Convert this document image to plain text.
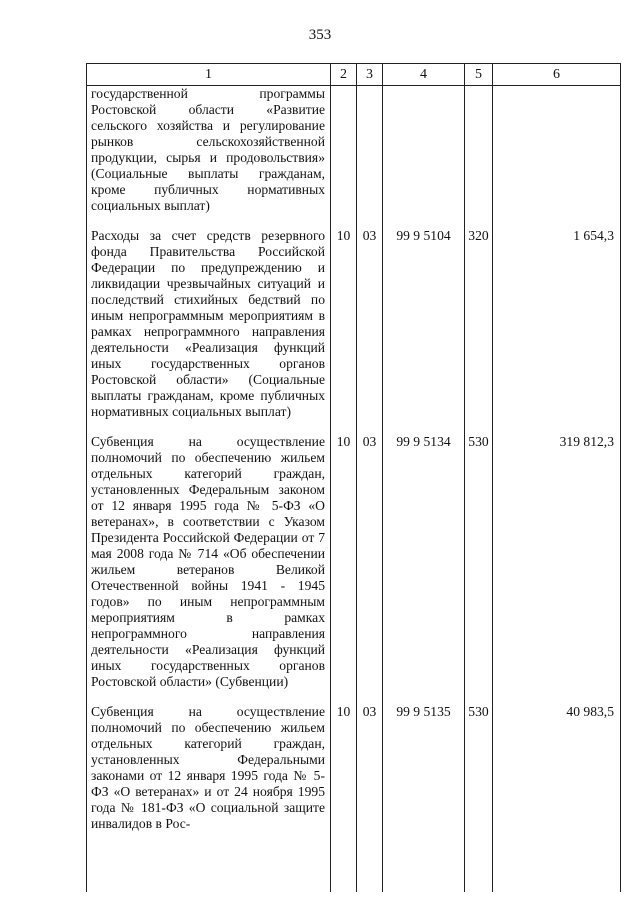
353
1	2	3	4	5	6
государственной программы Ростовской области «Развитие сельского хозяйства и регулирование рынков сельскохозяйственной продукции, сырья и продовольствия» (Социальные выплаты гражданам, кроме публичных нормативных социальных выплат)					
Расходы за счет средств резервного фонда Правительства Российской Федерации по предупреждению и ликвидации чрезвычайных ситуаций и последствий стихийных бедствий по иным непрограммным мероприятиям в рамках непрограммного направления деятельности «Реализация функций иных государственных органов Ростовской области» (Социальные выплаты гражданам, кроме публичных нормативных социальных выплат)	10	03	99 9 5104	320	1 654,3
Субвенция на осуществление полномочий по обеспечению жильем отдельных категорий граждан, установленных Федеральным законом от 12 января 1995 года № 5-ФЗ «О ветеранах», в соответствии с Указом Президента Российской Федерации от 7 мая 2008 года № 714 «Об обеспечении жильем ветеранов Великой Отечественной войны 1941 - 1945 годов» по иным непрограммным мероприятиям в рамках непрограммного направления деятельности «Реализация функций иных государственных органов Ростовской области» (Субвенции)	10	03	99 9 5134	530	319 812,3
Субвенция на осуществление полномочий по обеспечению жильем отдельных категорий граждан, установленных Федеральными законами от 12 января 1995 года № 5-ФЗ «О ветеранах» и от 24 ноября 1995 года № 181-ФЗ «О социальной защите инвалидов в Рос-	10	03	99 9 5135	530	40 983,5
